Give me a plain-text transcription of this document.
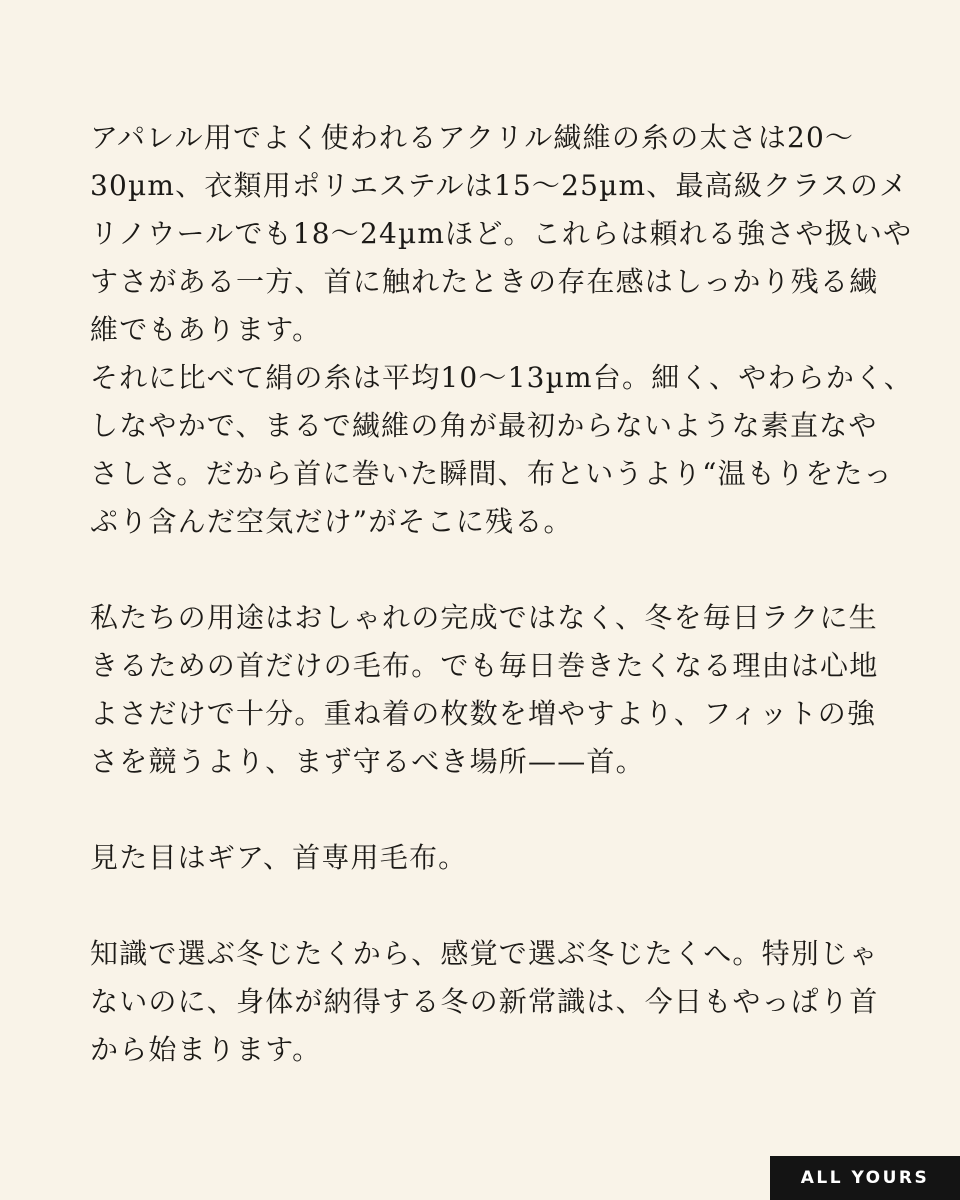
アパレル用でよく使われるアクリル繊維の糸の太さは20〜
30µm、衣類用ポリエステルは15〜25µm、最高級クラスのメ
リノウールでも18〜24µmほど。これらは頼れる強さや扱いや
すさがある一方、首に触れたときの存在感はしっかり残る繊
維でもあります。

それに比べて絹の糸は平均10〜13µm台。細く、やわらかく、
しなやかで、まるで繊維の角が最初からないような素直なや
さしさ。だから首に巻いた瞬間、布というより“温もりをたっ
ぷり含んだ空気だけ”がそこに残る。

私たちの用途はおしゃれの完成ではなく、冬を毎日ラクに生
きるための首だけの毛布。でも毎日巻きたくなる理由は心地
よさだけで十分。重ね着の枚数を増やすより、フィットの強
さを競うより、まず守るべき場所——首。

見た目はギア、首専用毛布。

知識で選ぶ冬じたくから、感覚で選ぶ冬じたくへ。特別じゃ
ないのに、身体が納得する冬の新常識は、今日もやっぱり首
から始まります。

ALL YOURS
